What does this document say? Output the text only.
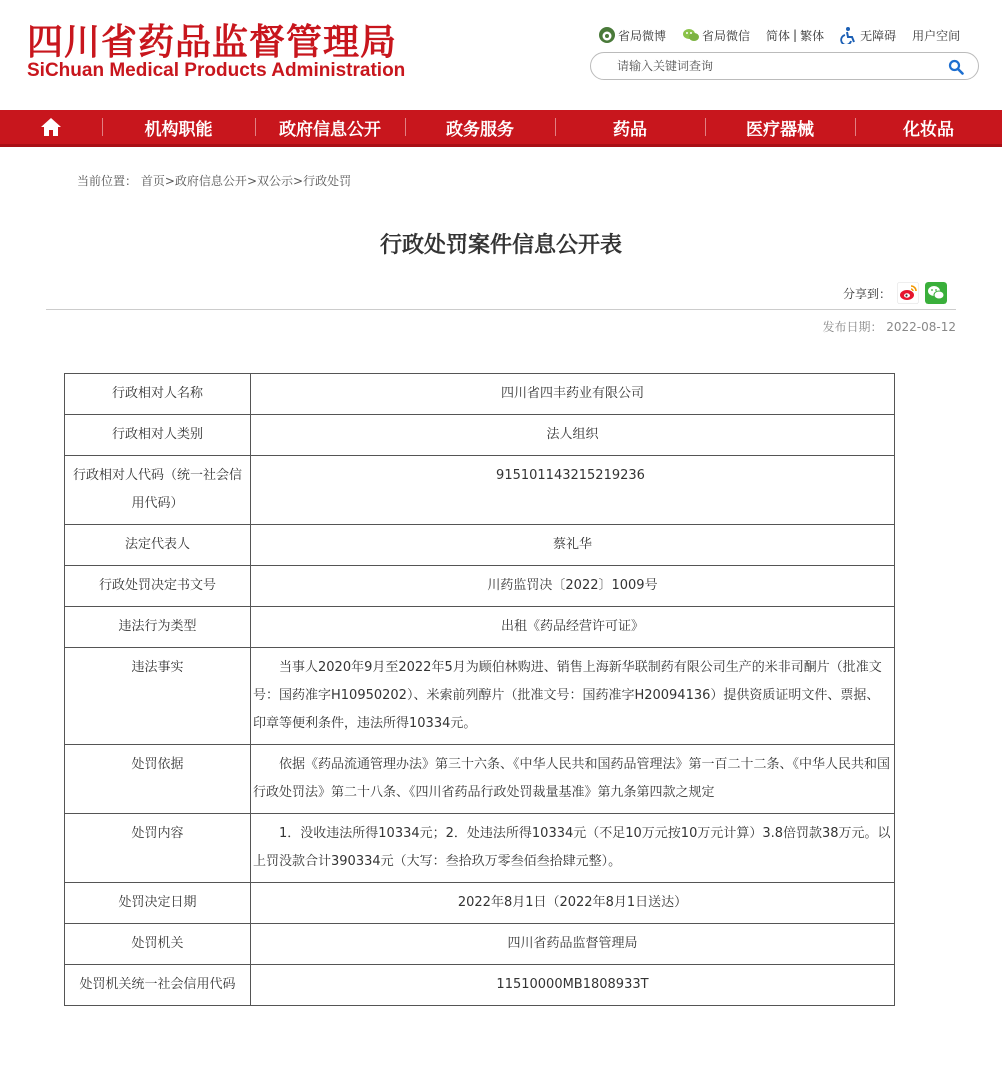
四川省药品监督管理局
SiChuan Medical Products Administration
省局微博	省局微信 简体 | 繁体	无障碍 用户空间
请输入关键词查询
机构职能	政府信息公开	政务服务	药品	医疗器械	化妆品
当前位置： 首页>政府信息公开>双公示>行政处罚
行政处罚案件信息公开表
分享到：
发布日期： 2022-08-12
行政相对人名称	四川省四丰药业有限公司
行政相对人类别	法人组织
行政相对人代码（统一社会信用代码）	915101143215219236
法定代表人	蔡礼华
行政处罚决定书文号	川药监罚决〔2022〕1009号
违法行为类型	出租《药品经营许可证》
违法事实	当事人2020年9月至2022年5月为顾伯林购进、销售上海新华联制药有限公司生产的米非司酮片（批准文号：国药准字H10950202）、米索前列醇片（批准文号：国药准字H20094136）提供资质证明文件、票据、印章等便利条件，违法所得10334元。
处罚依据	依据《药品流通管理办法》第三十六条、《中华人民共和国药品管理法》第一百二十二条、《中华人民共和国行政处罚法》第二十八条、《四川省药品行政处罚裁量基准》第九条第四款之规定
处罚内容	1．没收违法所得10334元；2．处违法所得10334元（不足10万元按10万元计算）3.8倍罚款38万元。以上罚没款合计390334元（大写：叁拾玖万零叁佰叁拾肆元整）。
处罚决定日期	2022年8月1日（2022年8月1日送达）
处罚机关	四川省药品监督管理局
处罚机关统一社会信用代码	11510000MB1808933T
